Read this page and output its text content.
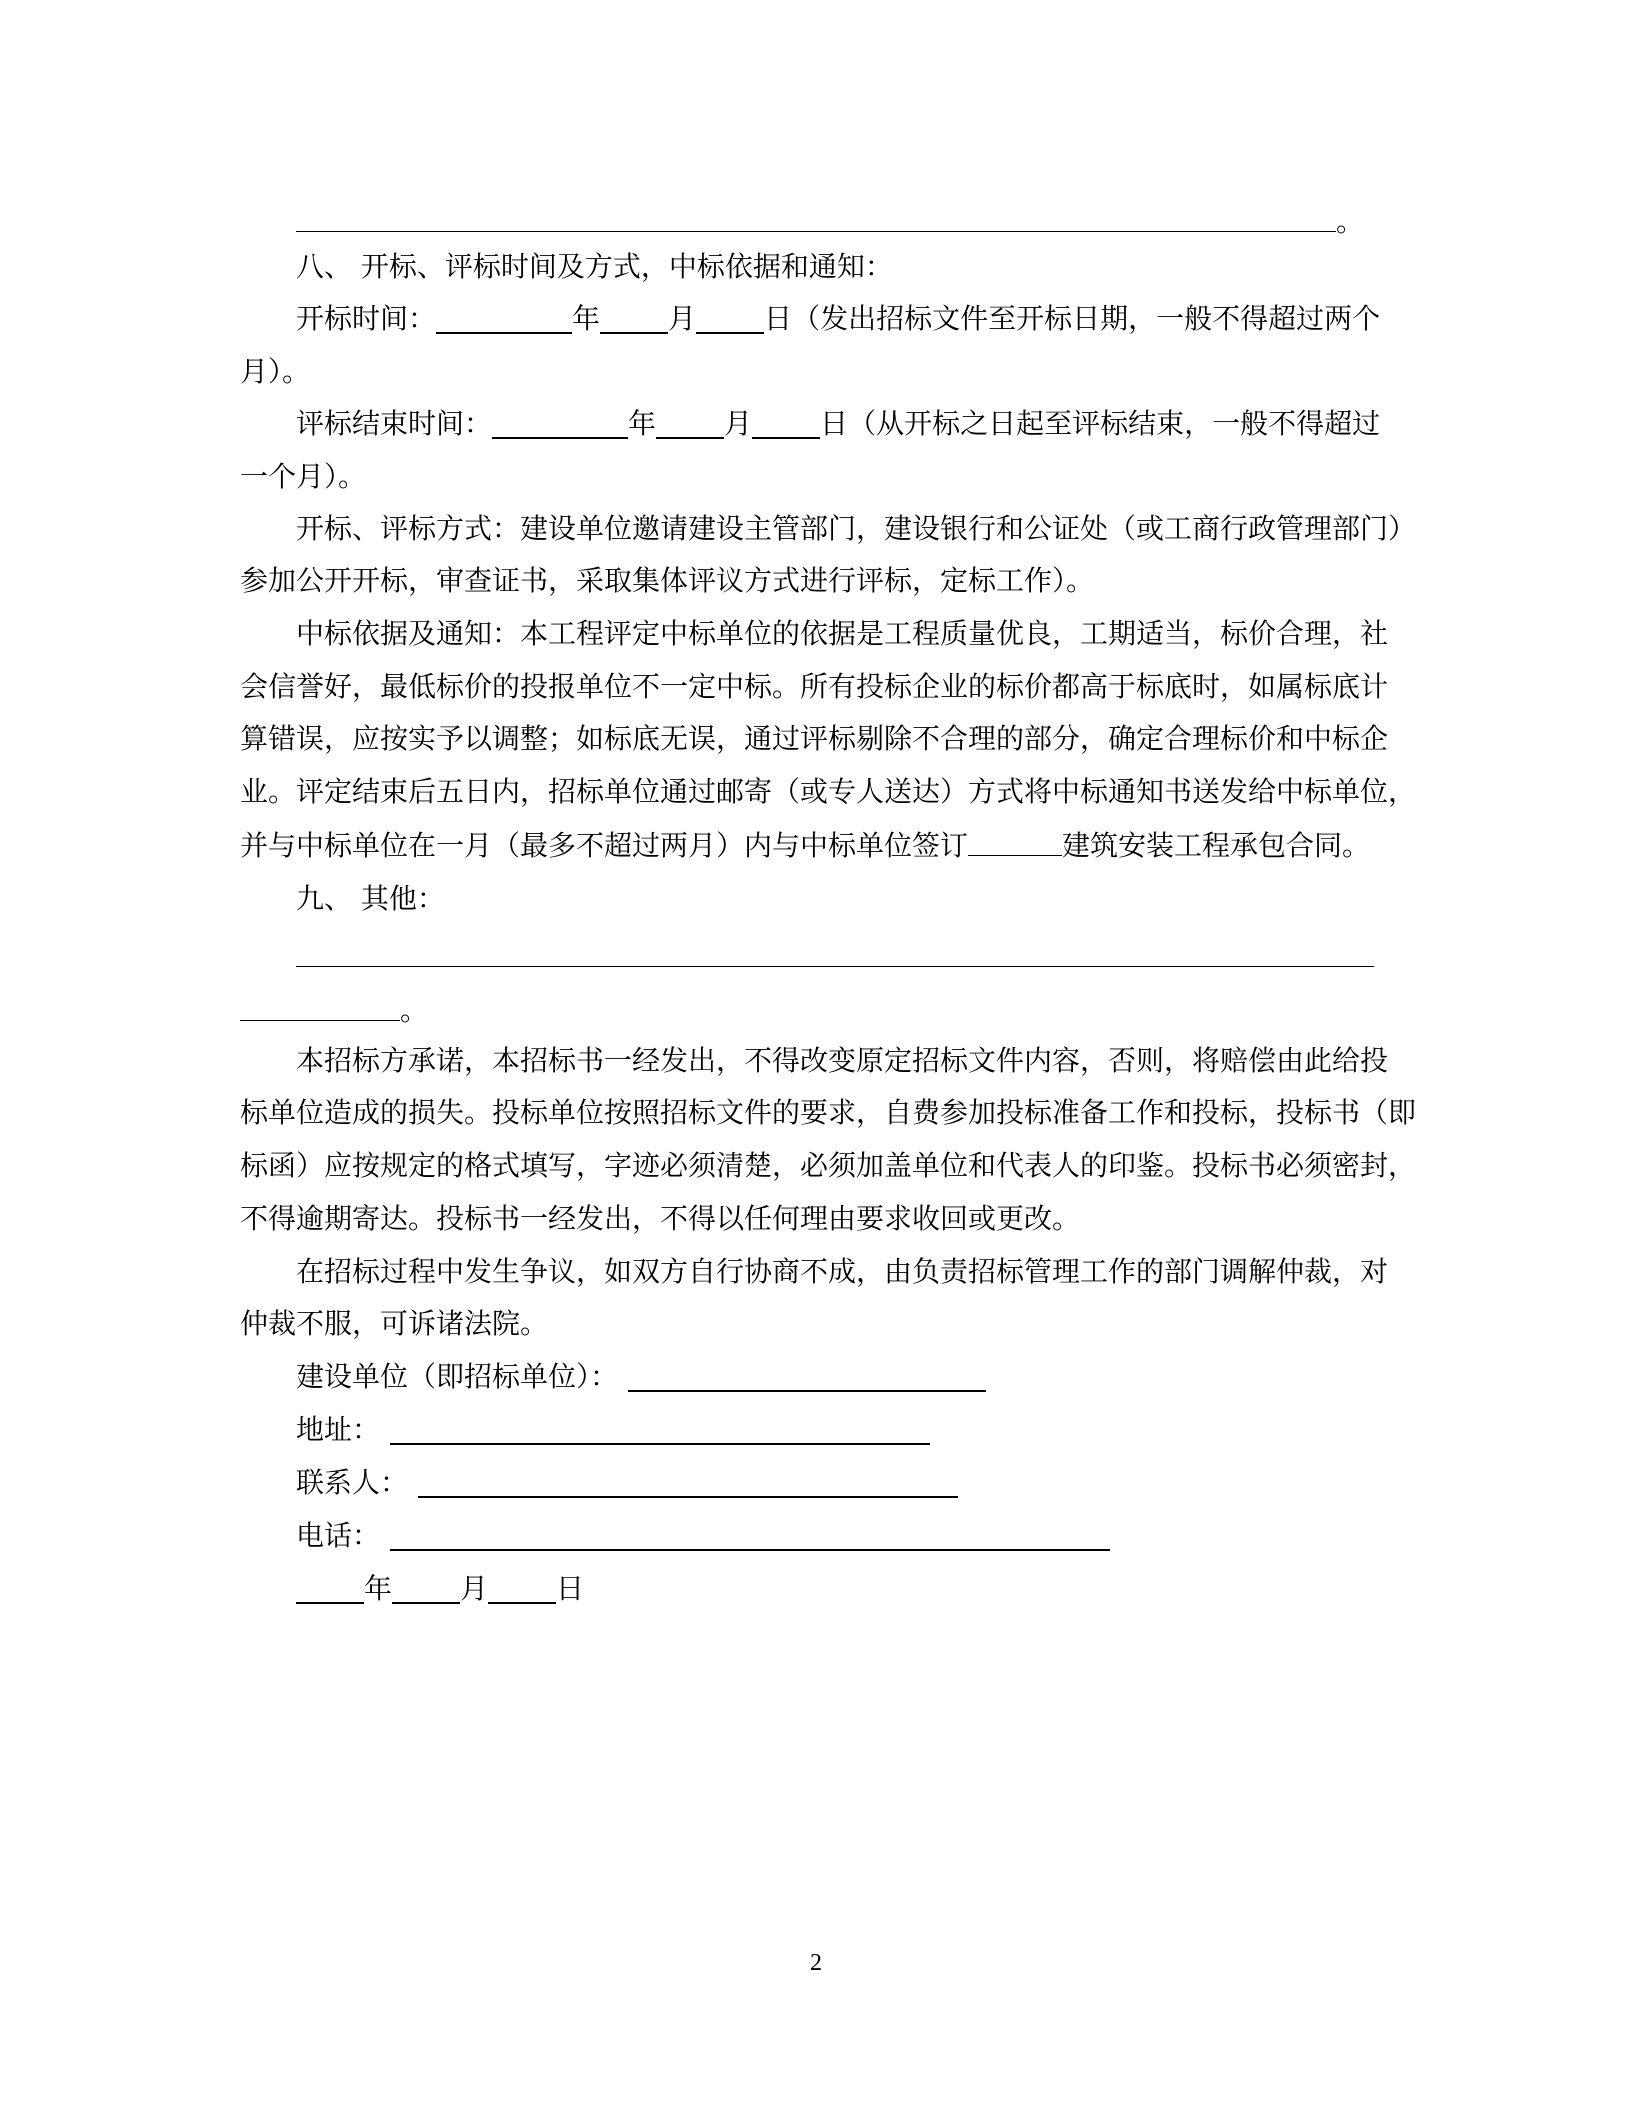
。
八、 开标、评标时间及方式，中标依据和通知：
开标时间：	年 月 日（发出招标文件至开标日期，一般不得超过两个
月）。
评标结束时间：	年 月 日（从开标之日起至评标结束，一般不得超过
一个月）。
开标、评标方式：建设单位邀请建设主管部门，建设银行和公证处（或工商行政管理部门）
参加公开开标，审查证书，采取集体评议方式进行评标，定标工作）。
中标依据及通知：本工程评定中标单位的依据是工程质量优良，工期适当，标价合理，社
会信誉好，最低标价的投报单位不一定中标。所有投标企业的标价都高于标底时，如属标底计
算错误，应按实予以调整；如标底无误，通过评标剔除不合理的部分，确定合理标价和中标企
业。评定结束后五日内，招标单位通过邮寄（或专人送达）方式将中标通知书送发给中标单位，
并与中标单位在一月（最多不超过两月）内与中标单位签订	建筑安装工程承包合同。
九、 其他：
。
本招标方承诺，本招标书一经发出，不得改变原定招标文件内容，否则，将赔偿由此给投
标单位造成的损失。投标单位按照招标文件的要求，自费参加投标准备工作和投标，投标书（即
标函）应按规定的格式填写，字迹必须清楚，必须加盖单位和代表人的印鉴。投标书必须密封，
不得逾期寄达。投标书一经发出，不得以任何理由要求收回或更改。
在招标过程中发生争议，如双方自行协商不成，由负责招标管理工作的部门调解仲裁，对
仲裁不服，可诉诸法院。
建设单位（即招标单位）：
地址：
联系人：
电话：
年 月 日
2
